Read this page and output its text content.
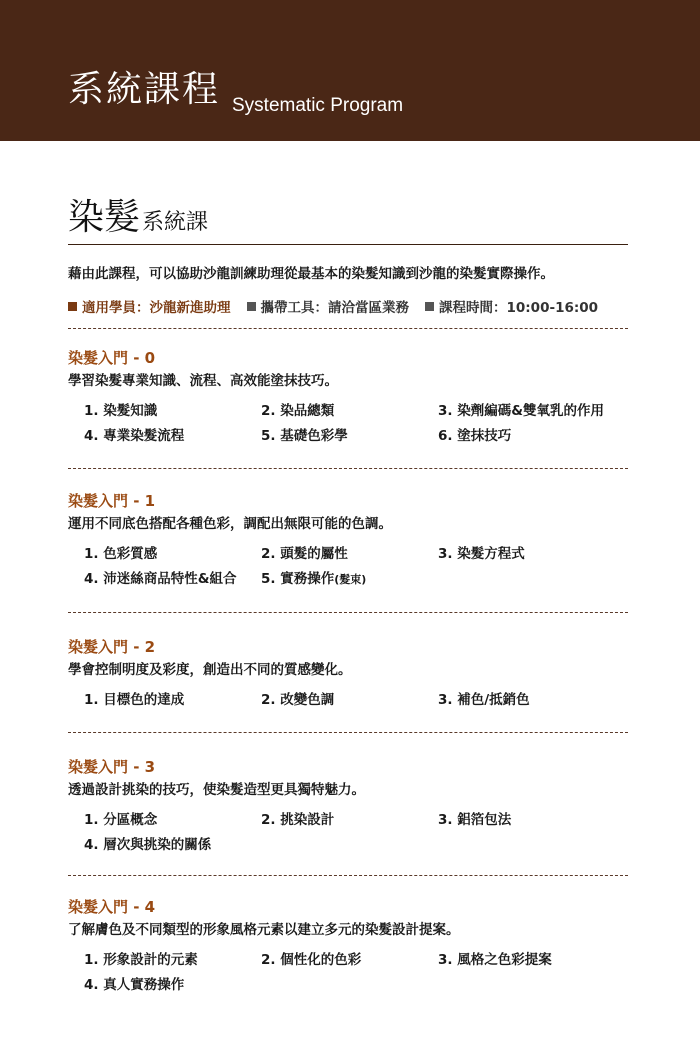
系統課程 Systematic Program
染髮系統課
藉由此課程，可以協助沙龍訓練助理從最基本的染髮知識到沙龍的染髮實際操作。
適用學員：沙龍新進助理 攜帶工具：請洽當區業務 課程時間：10:00-16:00
染髮入門 - 0
學習染髮專業知識、流程、高效能塗抹技巧。
1. 染髮知識	2. 染品總類	3. 染劑編碼&雙氧乳的作用
4. 專業染髮流程	5. 基礎色彩學	6. 塗抹技巧
染髮入門 - 1
運用不同底色搭配各種色彩，調配出無限可能的色調。
1. 色彩質感	2. 頭髮的屬性	3. 染髮方程式
4. 沛迷絲商品特性&組合	5. 實務操作(髮束)
染髮入門 - 2
學會控制明度及彩度，創造出不同的質感變化。
1. 目標色的達成	2. 改變色調	3. 補色/抵銷色
染髮入門 - 3
透過設計挑染的技巧，使染髮造型更具獨特魅力。
1. 分區概念	2. 挑染設計	3. 鋁箔包法
4. 層次與挑染的關係
染髮入門 - 4
了解膚色及不同類型的形象風格元素以建立多元的染髮設計提案。
1. 形象設計的元素	2. 個性化的色彩	3. 風格之色彩提案
4. 真人實務操作
